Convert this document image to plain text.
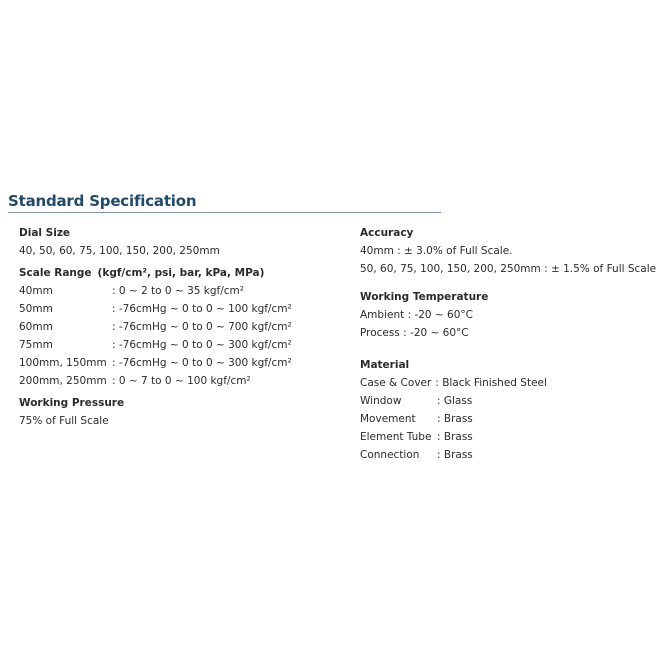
Standard Specification
Dial Size
40, 50, 60, 75, 100, 150, 200, 250mm
Scale Range (kgf/cm², psi, bar, kPa, MPa)
40mm	: 0 ~ 2 to 0 ~ 35 kgf/cm²
50mm	: -76cmHg ~ 0 to 0 ~ 100 kgf/cm²
60mm	: -76cmHg ~ 0 to 0 ~ 700 kgf/cm²
75mm	: -76cmHg ~ 0 to 0 ~ 300 kgf/cm²
100mm, 150mm : -76cmHg ~ 0 to 0 ~ 300 kgf/cm²
200mm, 250mm : 0 ~ 7 to 0 ~ 100 kgf/cm²
Working Pressure
75% of Full Scale
Accuracy
40mm : ± 3.0% of Full Scale.
50, 60, 75, 100, 150, 200, 250mm : ± 1.5% of Full Scale
Working Temperature
Ambient : -20 ~ 60°C
Process : -20 ~ 60°C
Material
Case & Cover : Black Finished Steel
Window	: Glass
Movement	: Brass
Element Tube : Brass
Connection	: Brass
